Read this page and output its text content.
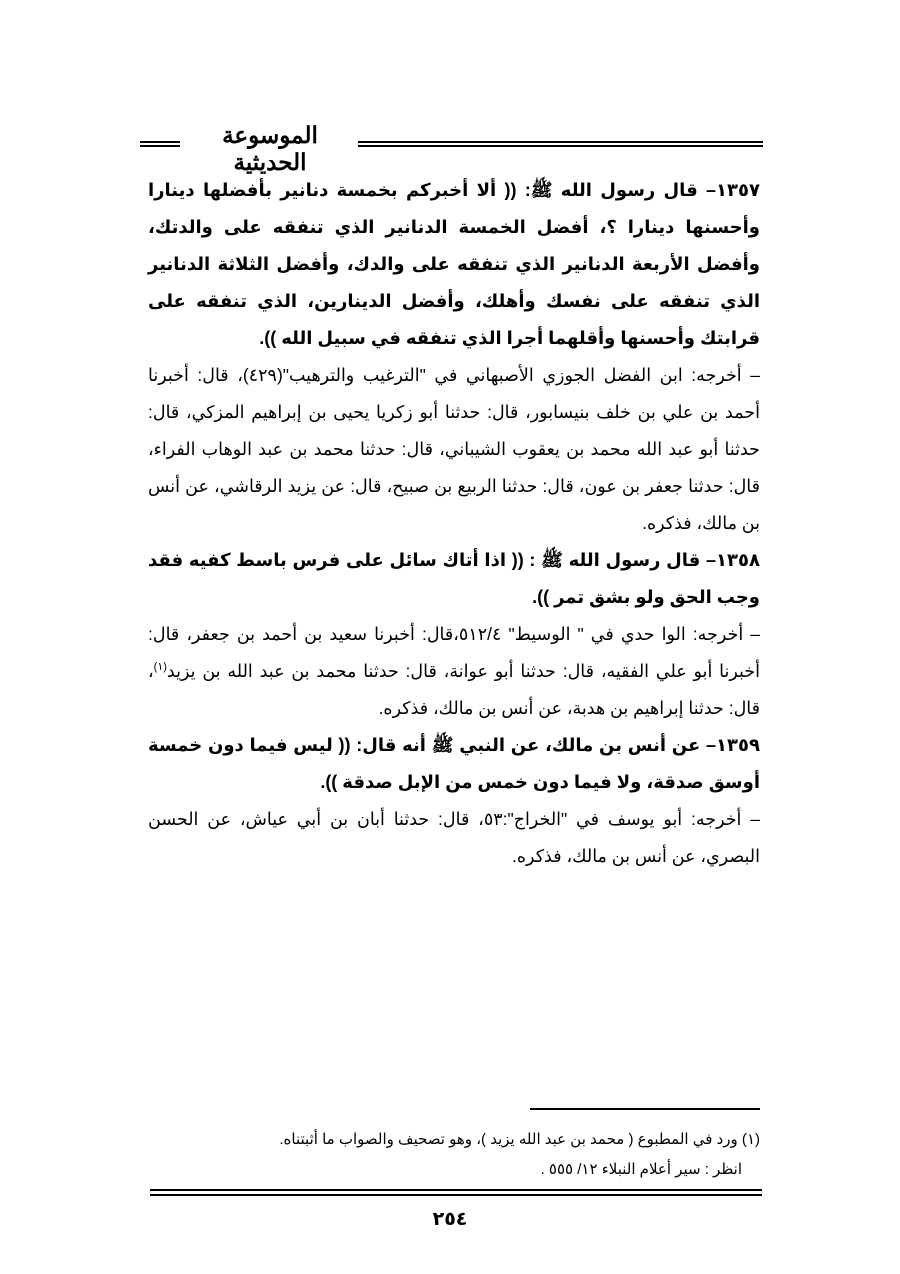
الموسوعة الحديثية

١٣٥٧– قال رسول الله ﷺ: (( ألا أخبركم بخمسة دنانير بأفضلها دينارا وأحسنها دينارا ؟، أفضل الخمسة الدنانير الذي تنفقه على والدتك، وأفضل الأربعة الدنانير الذي تنفقه على والدك، وأفضل الثلاثة الدنانير الذي تنفقه على نفسك وأهلك، وأفضل الدينارين، الذي تنفقه على قرابتك وأحسنها وأقلهما أجرا الذي تنفقه في سبيل الله )).

– أخرجه: ابن الفضل الجوزي الأصبهاني في "الترغيب والترهيب"(٤٢٩)، قال: أخبرنا أحمد بن علي بن خلف بنيسابور، قال: حدثنا أبو زكريا يحيى بن إبراهيم المزكي، قال: حدثنا أبو عبد الله محمد بن يعقوب الشيباني، قال: حدثنا محمد بن عبد الوهاب الفراء، قال: حدثنا جعفر بن عون، قال: حدثنا الربيع بن صبيح، قال: عن يزيد الرقاشي، عن أنس بن مالك، فذكره.

١٣٥٨– قال رسول الله ﷺ : (( اذا أتاك سائل على فرس باسط كفيه فقد وجب الحق ولو بشق تمر )).

– أخرجه: الوا حدي في " الوسيط" ٥١٢/٤،قال: أخبرنا سعيد بن أحمد بن جعفر، قال: أخبرنا أبو علي الفقيه، قال: حدثنا أبو عوانة، قال: حدثنا محمد بن عبد الله بن يزيد$^{(١)}$، قال: حدثنا إبراهيم بن هدبة، عن أنس بن مالك، فذكره.

١٣٥٩– عن أنس بن مالك، عن النبي ﷺ أنه قال: (( ليس فيما دون خمسة أوسق صدقة، ولا فيما دون خمس من الإبل صدقة )).

– أخرجه: أبو يوسف في "الخراج":٥٣، قال: حدثنا أبان بن أبي عياش، عن الحسن البصري، عن أنس بن مالك، فذكره.

(١) ورد في المطبوع ( محمد بن عبد الله يزيد )، وهو تصحيف والصواب ما أثبتناه.
انظر : سير أعلام النبلاء ١٢/ ٥٥٥ .
٢٥٤
